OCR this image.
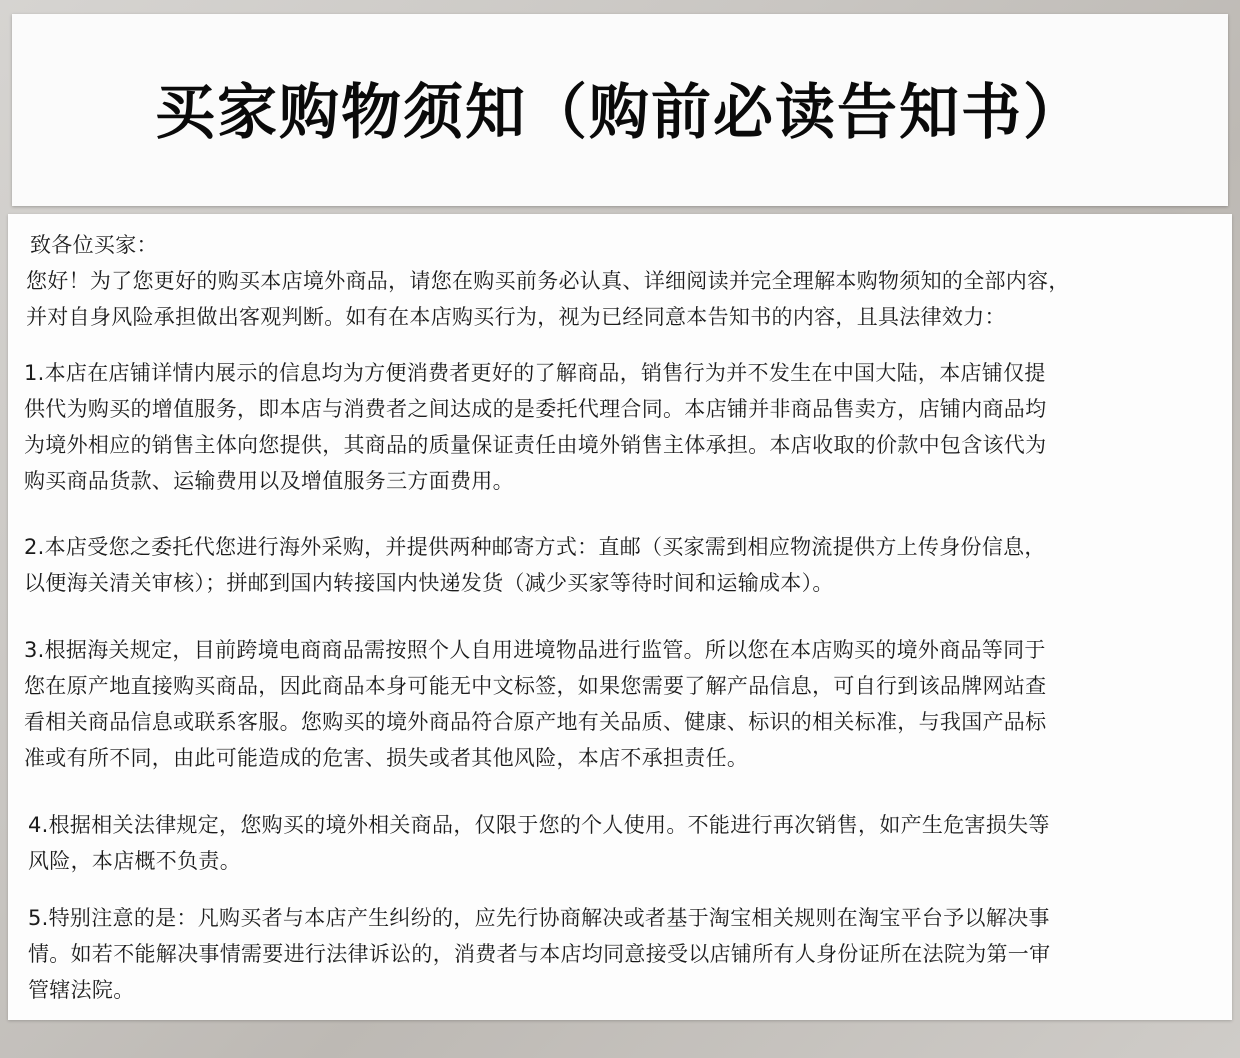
买家购物须知（购前必读告知书）
致各位买家：
您好！为了您更好的购买本店境外商品，请您在购买前务必认真、详细阅读并完全理解本购物须知的全部内容，
并对自身风险承担做出客观判断。如有在本店购买行为，视为已经同意本告知书的内容，且具法律效力：
1.本店在店铺详情内展示的信息均为方便消费者更好的了解商品，销售行为并不发生在中国大陆，本店铺仅提
供代为购买的增值服务，即本店与消费者之间达成的是委托代理合同。本店铺并非商品售卖方，店铺内商品均
为境外相应的销售主体向您提供，其商品的质量保证责任由境外销售主体承担。本店收取的价款中包含该代为
购买商品货款、运输费用以及增值服务三方面费用。
2.本店受您之委托代您进行海外采购，并提供两种邮寄方式：直邮（买家需到相应物流提供方上传身份信息，
以便海关清关审核）；拼邮到国内转接国内快递发货（减少买家等待时间和运输成本）。
3.根据海关规定，目前跨境电商商品需按照个人自用进境物品进行监管。所以您在本店购买的境外商品等同于
您在原产地直接购买商品，因此商品本身可能无中文标签，如果您需要了解产品信息，可自行到该品牌网站查
看相关商品信息或联系客服。您购买的境外商品符合原产地有关品质、健康、标识的相关标准，与我国产品标
准或有所不同，由此可能造成的危害、损失或者其他风险，本店不承担责任。
4.根据相关法律规定，您购买的境外相关商品，仅限于您的个人使用。不能进行再次销售，如产生危害损失等
风险，本店概不负责。
5.特别注意的是：凡购买者与本店产生纠纷的，应先行协商解决或者基于淘宝相关规则在淘宝平台予以解决事
情。如若不能解决事情需要进行法律诉讼的，消费者与本店均同意接受以店铺所有人身份证所在法院为第一审
管辖法院。
